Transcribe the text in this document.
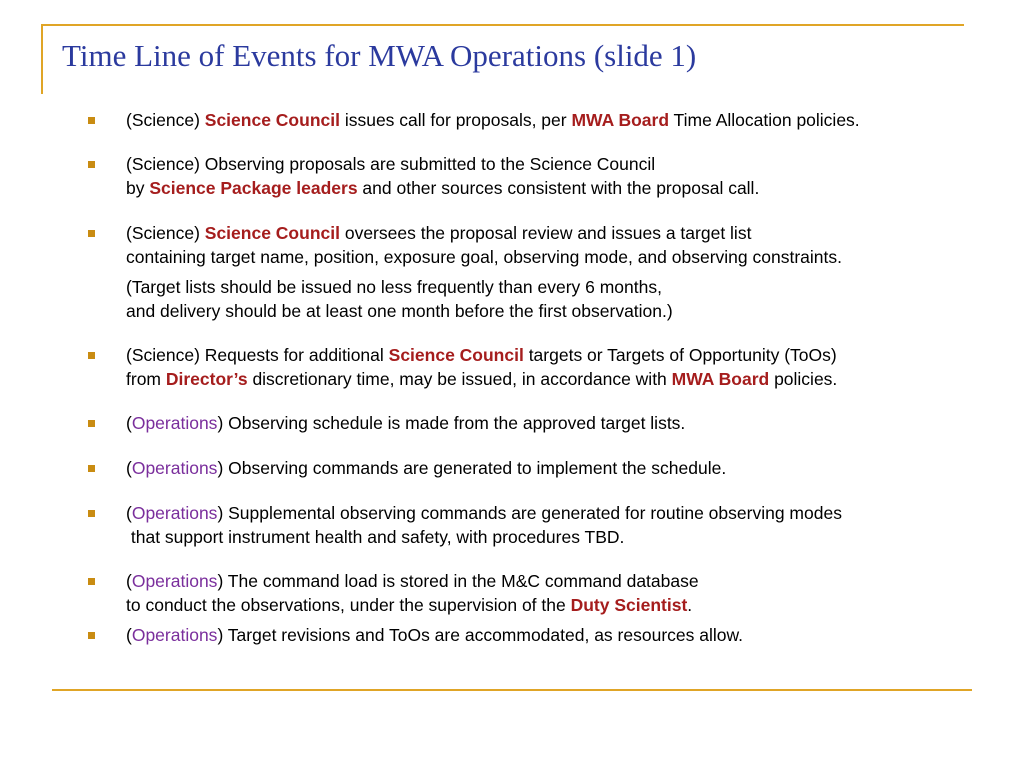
Time Line of Events for MWA Operations (slide 1)
(Science) Science Council issues call for proposals, per MWA Board Time Allocation policies.
(Science) Observing proposals are submitted to the Science Council
by Science Package leaders and other sources consistent with the proposal call.
(Science) Science Council oversees the proposal review and issues a target list
containing target name, position, exposure goal, observing mode, and observing constraints.
(Target lists should be issued no less frequently than every 6 months,
and delivery should be at least one month before the first observation.)
(Science) Requests for additional Science Council targets or Targets of Opportunity (ToOs)
from Director’s discretionary time, may be issued, in accordance with MWA Board policies.
(Operations) Observing schedule is made from the approved target lists.
(Operations) Observing commands are generated to implement the schedule.
(Operations) Supplemental observing commands are generated for routine observing modes
that support instrument health and safety, with procedures TBD.
(Operations) The command load is stored in the M&C command database
to conduct the observations, under the supervision of the Duty Scientist.
(Operations) Target revisions and ToOs are accommodated, as resources allow.
